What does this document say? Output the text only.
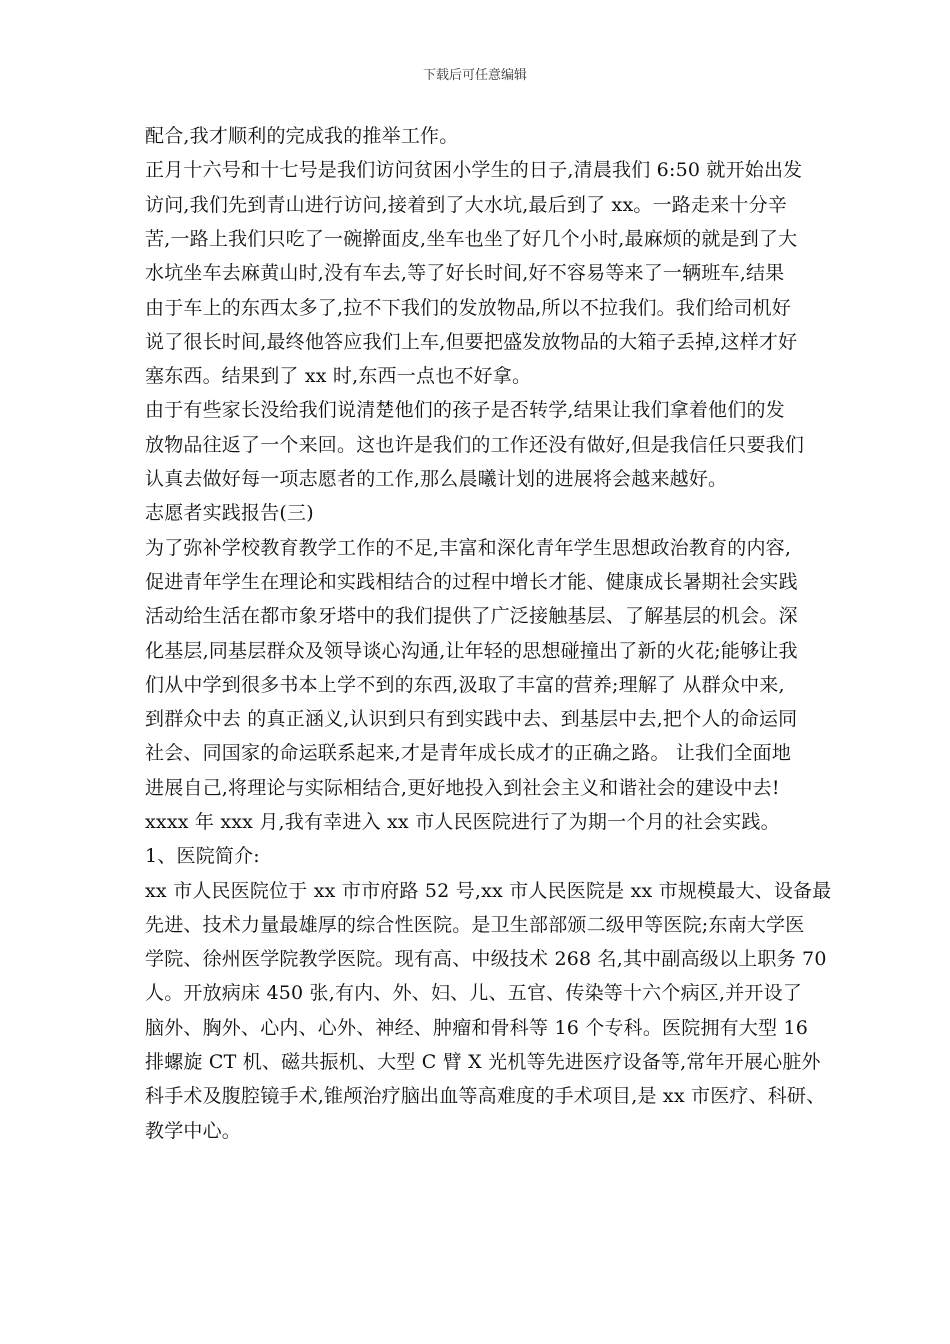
下载后可任意编辑
配合,我才顺利的完成我的推举工作。
正月十六号和十七号是我们访问贫困小学生的日子,清晨我们 6:50 就开始出发
访问,我们先到青山进行访问,接着到了大水坑,最后到了 xx。一路走来十分辛
苦,一路上我们只吃了一碗擀面皮,坐车也坐了好几个小时,最麻烦的就是到了大
水坑坐车去麻黄山时,没有车去,等了好长时间,好不容易等来了一辆班车,结果
由于车上的东西太多了,拉不下我们的发放物品,所以不拉我们。我们给司机好
说了很长时间,最终他答应我们上车,但要把盛发放物品的大箱子丢掉,这样才好
塞东西。结果到了 xx 时,东西一点也不好拿。
由于有些家长没给我们说清楚他们的孩子是否转学,结果让我们拿着他们的发
放物品往返了一个来回。这也许是我们的工作还没有做好,但是我信任只要我们
认真去做好每一项志愿者的工作,那么晨曦计划的进展将会越来越好。
志愿者实践报告(三)
为了弥补学校教育教学工作的不足,丰富和深化青年学生思想政治教育的内容,
促进青年学生在理论和实践相结合的过程中增长才能、健康成长暑期社会实践
活动给生活在都市象牙塔中的我们提供了广泛接触基层、了解基层的机会。深
化基层,同基层群众及领导谈心沟通,让年轻的思想碰撞出了新的火花;能够让我
们从中学到很多书本上学不到的东西,汲取了丰富的营养;理解了 从群众中来,
到群众中去 的真正涵义,认识到只有到实践中去、到基层中去,把个人的命运同
社会、同国家的命运联系起来,才是青年成长成才的正确之路。 让我们全面地
进展自己,将理论与实际相结合,更好地投入到社会主义和谐社会的建设中去!
xxxx 年 xxx 月,我有幸进入 xx 市人民医院进行了为期一个月的社会实践。
1、医院简介:
xx 市人民医院位于 xx 市市府路 52 号,xx 市人民医院是 xx 市规模最大、设备最
先进、技术力量最雄厚的综合性医院。是卫生部部颁二级甲等医院;东南大学医
学院、徐州医学院教学医院。现有高、中级技术 268 名,其中副高级以上职务 70
人。开放病床 450 张,有内、外、妇、儿、五官、传染等十六个病区,并开设了
脑外、胸外、心内、心外、神经、肿瘤和骨科等 16 个专科。医院拥有大型 16
排螺旋 CT 机、磁共振机、大型 C 臂 X 光机等先进医疗设备等,常年开展心脏外
科手术及腹腔镜手术,锥颅治疗脑出血等高难度的手术项目,是 xx 市医疗、科研、
教学中心。
